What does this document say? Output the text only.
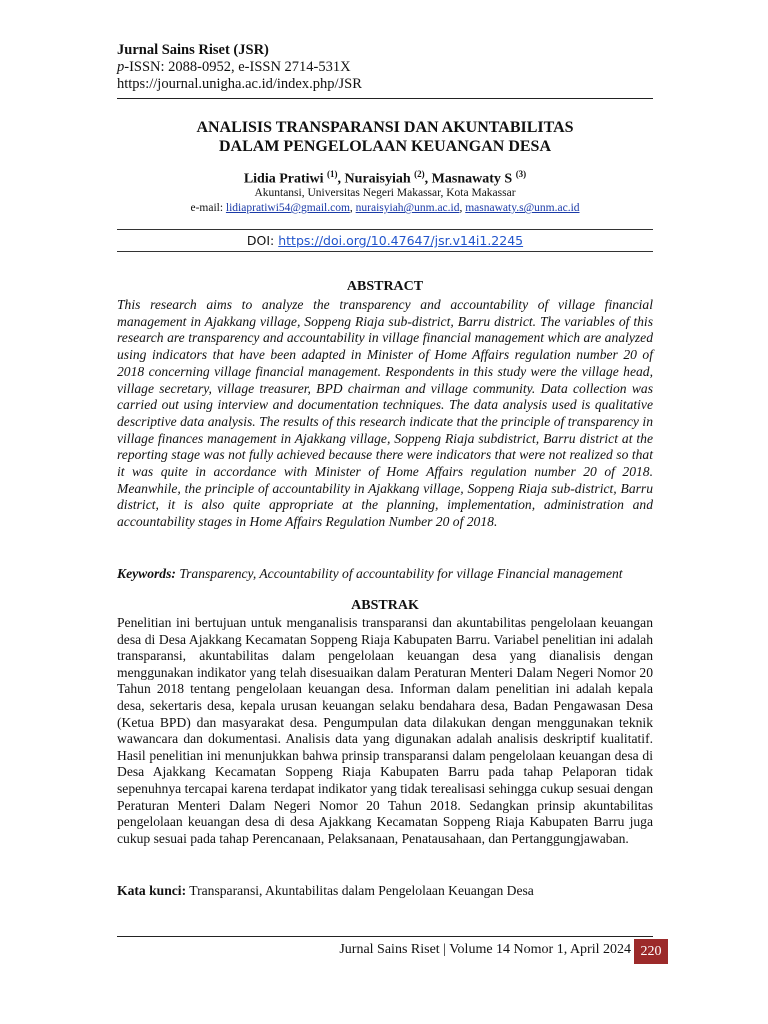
Jurnal Sains Riset (JSR)
p-ISSN: 2088-0952, e-ISSN 2714-531X
https://journal.unigha.ac.id/index.php/JSR
ANALISIS TRANSPARANSI DAN AKUNTABILITAS
DALAM PENGELOLAAN KEUANGAN DESA
Lidia Pratiwi $^{(1)}$, Nuraisyiah $^{(2)}$, Masnawaty S $^{(3)}$
Akuntansi, Universitas Negeri Makassar, Kota Makassar
e-mail: lidiapratiwi54@gmail.com, nuraisyiah@unm.ac.id, masnawaty.s@unm.ac.id
DOI: https://doi.org/10.47647/jsr.v14i1.2245
ABSTRACT
This research aims to analyze the transparency and accountability of village financial management in Ajakkang village, Soppeng Riaja sub-district, Barru district. The variables of this research are transparency and accountability in village financial management which are analyzed using indicators that have been adapted in Minister of Home Affairs regulation number 20 of 2018 concerning village financial management. Respondents in this study were the village head, village secretary, village treasurer, BPD chairman and village community. Data collection was carried out using interview and documentation techniques. The data analysis used is qualitative descriptive data analysis. The results of this research indicate that the principle of transparency in village finances management in Ajakkang village, Soppeng Riaja subdistrict, Barru district at the reporting stage was not fully achieved because there were indicators that were not realized so that it was quite in accordance with Minister of Home Affairs regulation number 20 of 2018. Meanwhile, the principle of accountability in Ajakkang village, Soppeng Riaja sub-district, Barru district, it is also quite appropriate at the planning, implementation, administration and accountability stages in Home Affairs Regulation Number 20 of 2018.
Keywords: Transparency, Accountability of accountability for village Financial management
ABSTRAK
Penelitian ini bertujuan untuk menganalisis transparansi dan akuntabilitas pengelolaan keuangan desa di Desa Ajakkang Kecamatan Soppeng Riaja Kabupaten Barru. Variabel penelitian ini adalah transparansi, akuntabilitas dalam pengelolaan keuangan desa yang dianalisis dengan menggunakan indikator yang telah disesuaikan dalam Peraturan Menteri Dalam Negeri Nomor 20 Tahun 2018 tentang pengelolaan keuangan desa. Informan dalam penelitian ini adalah kepala desa, sekertaris desa, kepala urusan keuangan selaku bendahara desa, Badan Pengawasan Desa (Ketua BPD) dan masyarakat desa. Pengumpulan data dilakukan dengan menggunakan teknik wawancara dan dokumentasi. Analisis data yang digunakan adalah analisis deskriptif kualitatif. Hasil penelitian ini menunjukkan bahwa prinsip transparansi dalam pengelolaan keuangan desa di Desa Ajakkang Kecamatan Soppeng Riaja Kabupaten Barru pada tahap Pelaporan tidak sepenuhnya tercapai karena terdapat indikator yang tidak terealisasi sehingga cukup sesuai dengan Peraturan Menteri Dalam Negeri Nomor 20 Tahun 2018. Sedangkan prinsip akuntabilitas pengelolaan keuangan desa di desa Ajakkang Kecamatan Soppeng Riaja Kabupaten Barru juga cukup sesuai pada tahap Perencanaan, Pelaksanaan, Penatausahaan, dan Pertanggungjawaban.
Kata kunci: Transparansi, Akuntabilitas dalam Pengelolaan Keuangan Desa
Jurnal Sains Riset | Volume 14 Nomor 1, April 2024 220
